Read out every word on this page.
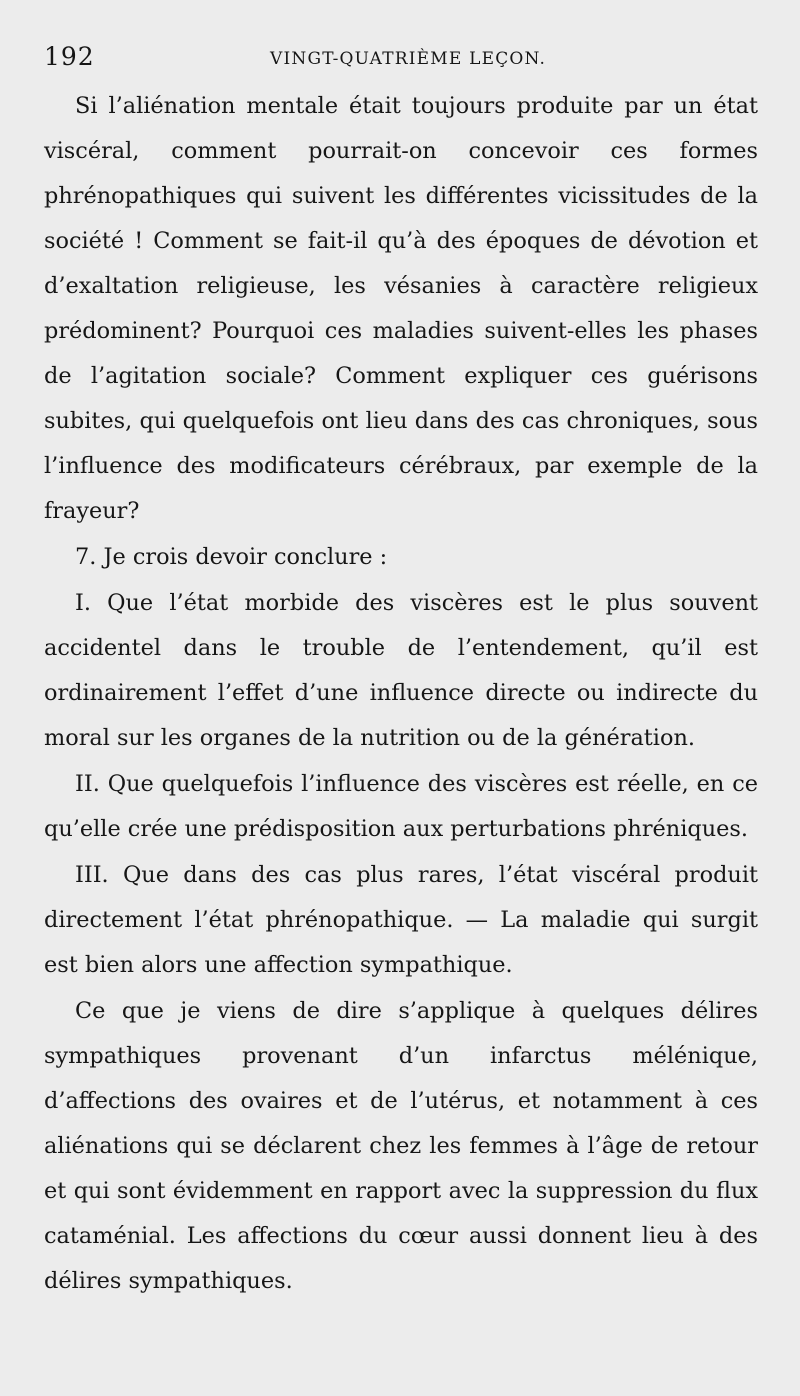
192	VINGT-QUATRIÈME LEÇON.

Si l’aliénation mentale était toujours produite par un état viscéral, comment pourrait-on concevoir ces formes phrénopathiques qui suivent les différentes vicissitudes de la société ! Comment se fait-il qu’à des époques de dévotion et d’exaltation religieuse, les vésanies à caractère religieux prédominent? Pourquoi ces maladies suivent-elles les phases de l’agitation sociale? Comment expliquer ces guérisons subites, qui quelquefois ont lieu dans des cas chroniques, sous l’influence des modificateurs cérébraux, par exemple de la frayeur?

7. Je crois devoir conclure :

I. Que l’état morbide des viscères est le plus souvent accidentel dans le trouble de l’entendement, qu’il est ordinairement l’effet d’une influence directe ou indirecte du moral sur les organes de la nutrition ou de la génération.

II. Que quelquefois l’influence des viscères est réelle, en ce qu’elle crée une prédisposition aux perturbations phréniques.

III. Que dans des cas plus rares, l’état viscéral produit directement l’état phrénopathique. — La maladie qui surgit est bien alors une affection sympathique.

Ce que je viens de dire s’applique à quelques délires sympathiques provenant d’un infarctus mélénique, d’affections des ovaires et de l’utérus, et notamment à ces aliénations qui se déclarent chez les femmes à l’âge de retour et qui sont évidemment en rapport avec la suppression du flux cataménial. Les affections du cœur aussi donnent lieu à des délires sympathiques.
